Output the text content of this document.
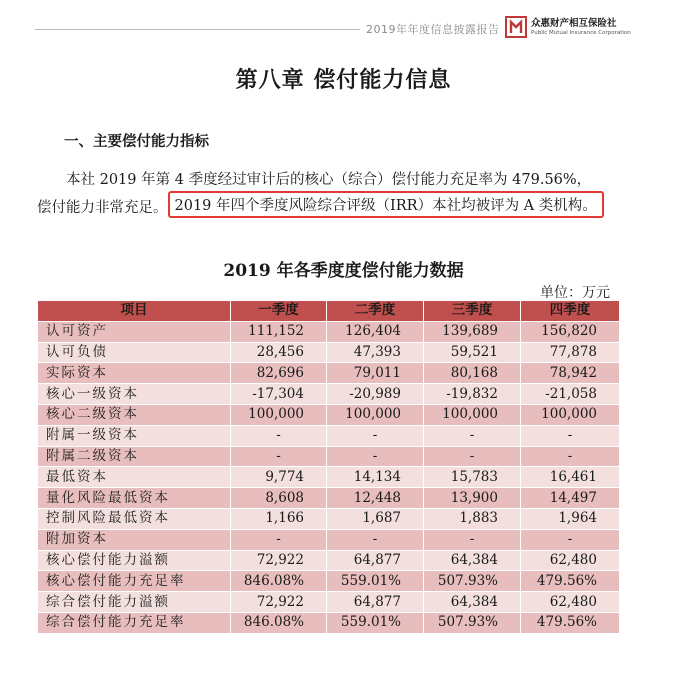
2019年年度信息披露报告	众惠财产相互保险社
Public Mutual Insurance Corporation
第八章 偿付能力信息
一、主要偿付能力指标
本社 2019 年第 4 季度经过审计后的核心（综合）偿付能力充足率为 479.56%，
偿付能力非常充足。 2019 年四个季度风险综合评级（IRR）本社均被评为 A 类机构。
2019 年各季度度偿付能力数据
单位：万元
项目	一季度	二季度	三季度	四季度
认可资产	111,152	126,404	139,689	156,820
认可负债	28,456	47,393	59,521	77,878
实际资本	82,696	79,011	80,168	78,942
核心一级资本	-17,304	-20,989	-19,832	-21,058
核心二级资本	100,000	100,000	100,000	100,000
附属一级资本	-	-	-	-
附属二级资本	-	-	-	-
最低资本	9,774	14,134	15,783	16,461
量化风险最低资本	8,608	12,448	13,900	14,497
控制风险最低资本	1,166	1,687	1,883	1,964
附加资本	-	-	-	-
核心偿付能力溢额	72,922	64,877	64,384	62,480
核心偿付能力充足率	846.08%	559.01%	507.93%	479.56%
综合偿付能力溢额	72,922	64,877	64,384	62,480
综合偿付能力充足率	846.08%	559.01%	507.93%	479.56%
